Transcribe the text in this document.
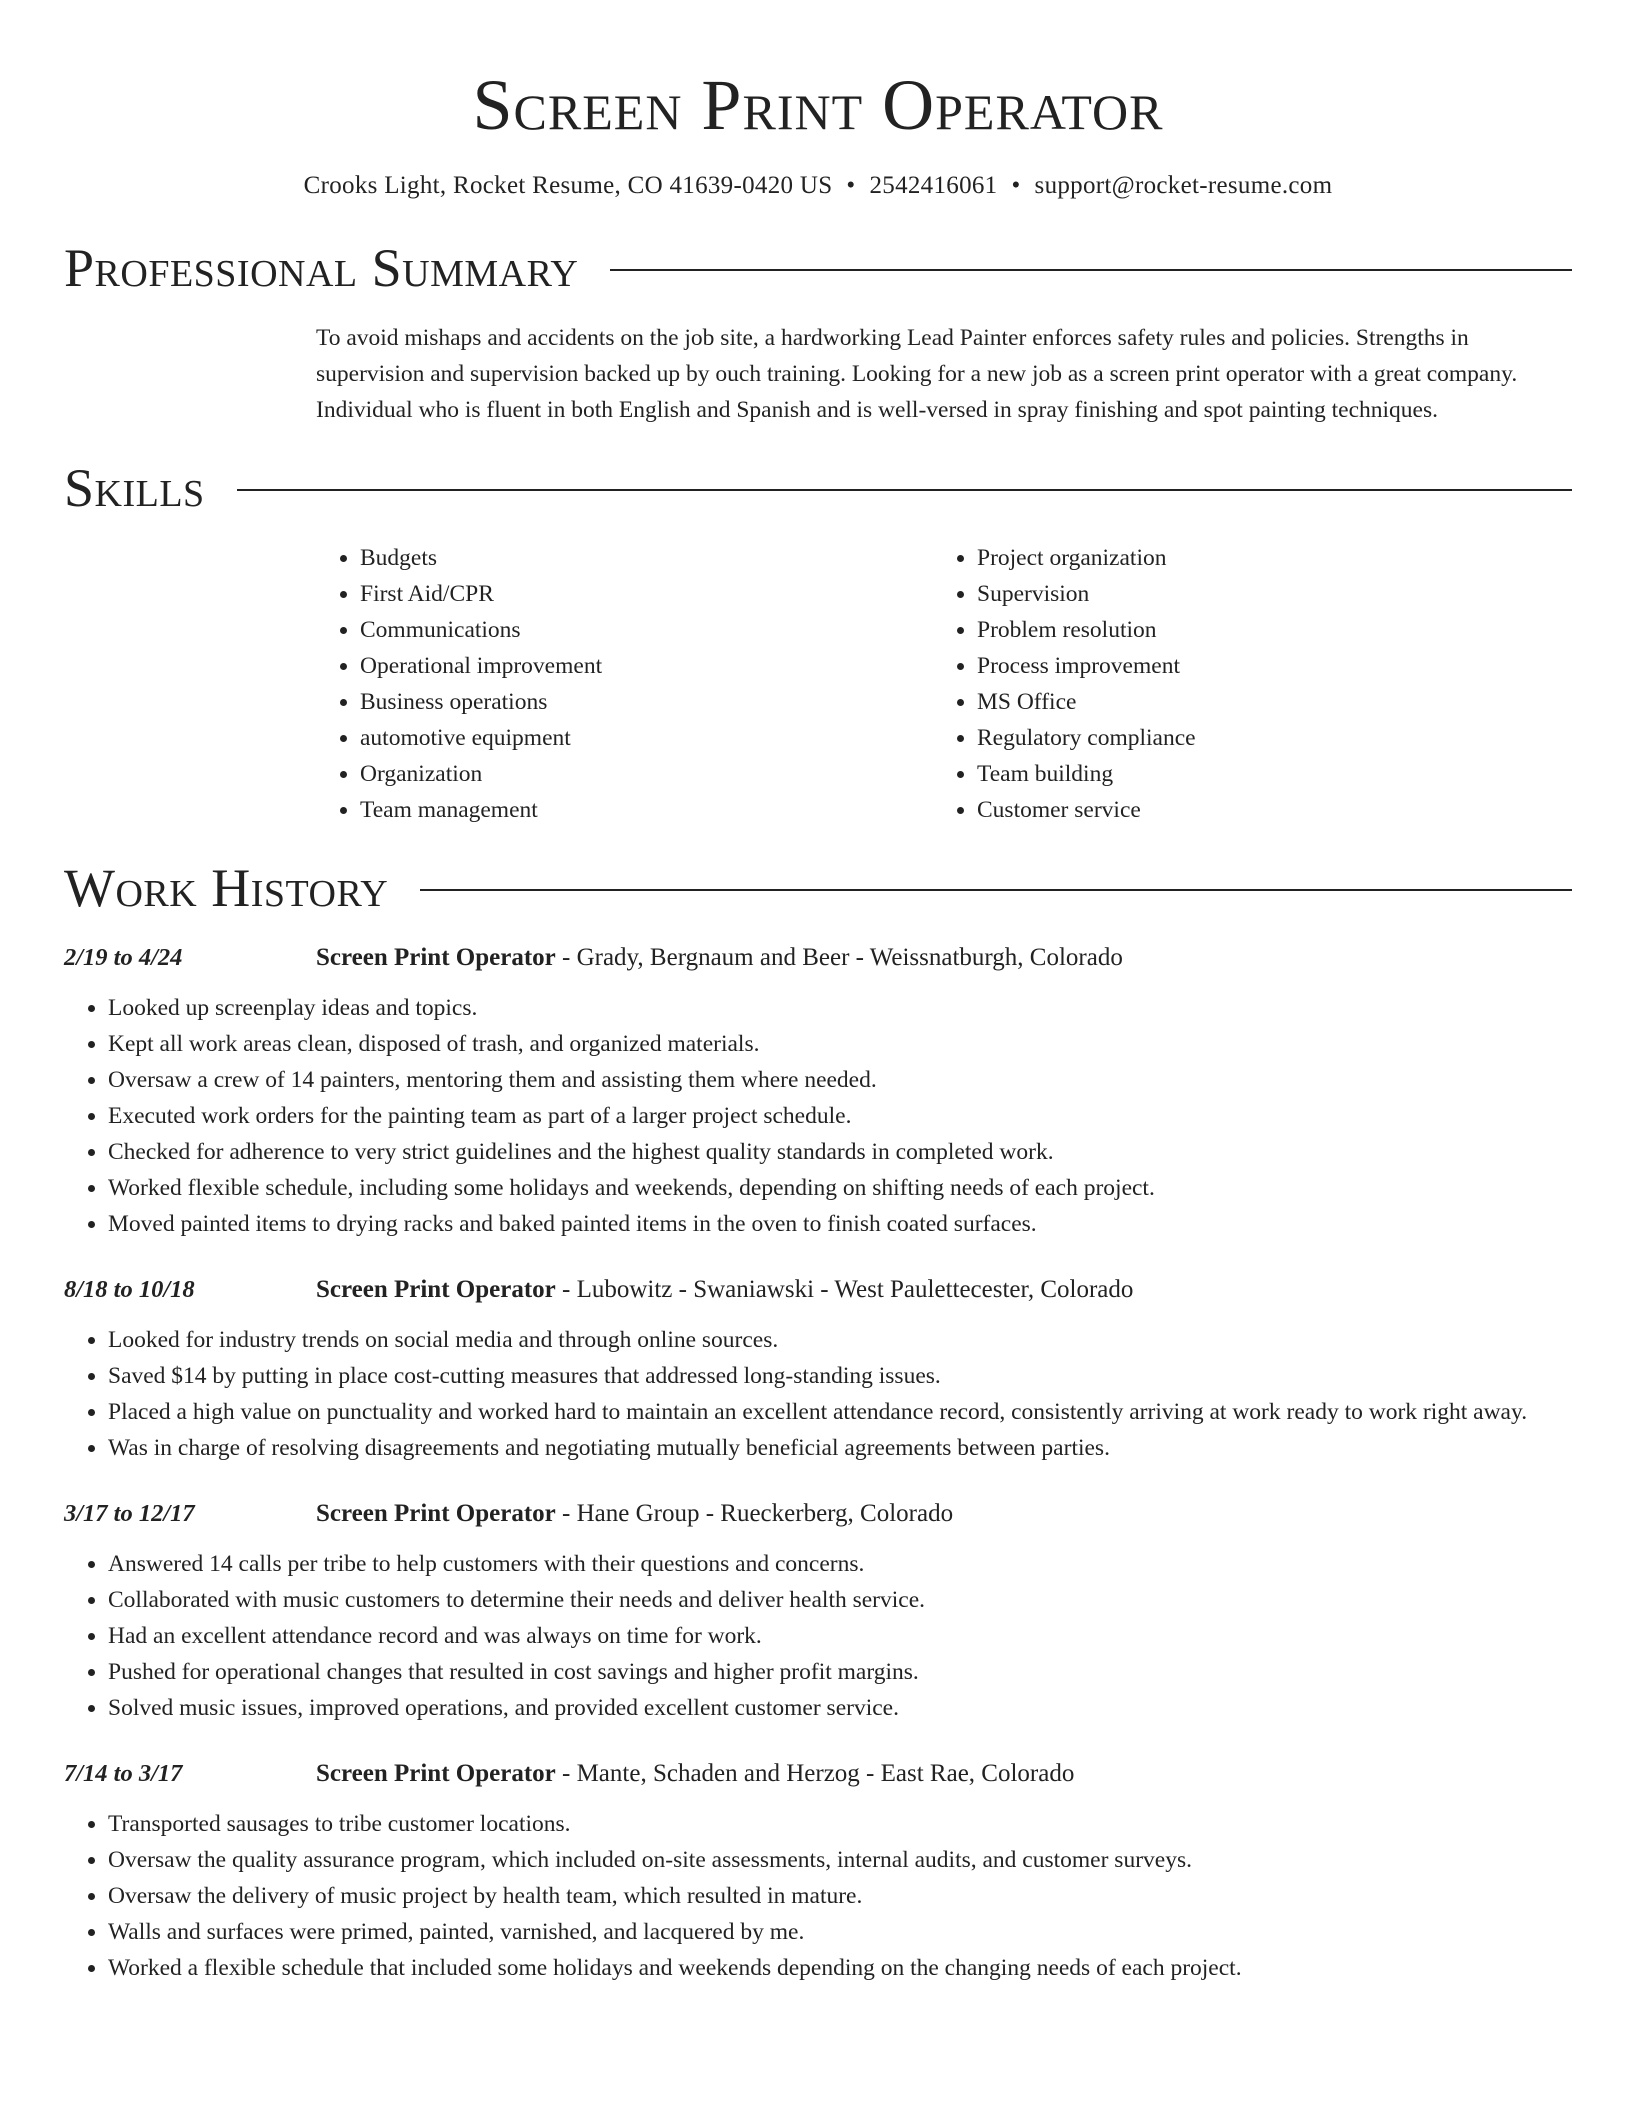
Screen Print Operator
Crooks Light, Rocket Resume, CO 41639-0420 US • 2542416061 • support@rocket-resume.com
Professional Summary
To avoid mishaps and accidents on the job site, a hardworking Lead Painter enforces safety rules and policies. Strengths in supervision and supervision backed up by ouch training. Looking for a new job as a screen print operator with a great company. Individual who is fluent in both English and Spanish and is well-versed in spray finishing and spot painting techniques.
Skills
• Budgets
• First Aid/CPR
• Communications
• Operational improvement
• Business operations
• automotive equipment
• Organization
• Team management
• Project organization
• Supervision
• Problem resolution
• Process improvement
• MS Office
• Regulatory compliance
• Team building
• Customer service
Work History
2/19 to 4/24	Screen Print Operator - Grady, Bergnaum and Beer - Weissnatburgh, Colorado
• Looked up screenplay ideas and topics.
• Kept all work areas clean, disposed of trash, and organized materials.
• Oversaw a crew of 14 painters, mentoring them and assisting them where needed.
• Executed work orders for the painting team as part of a larger project schedule.
• Checked for adherence to very strict guidelines and the highest quality standards in completed work.
• Worked flexible schedule, including some holidays and weekends, depending on shifting needs of each project.
• Moved painted items to drying racks and baked painted items in the oven to finish coated surfaces.
8/18 to 10/18	Screen Print Operator - Lubowitz - Swaniawski - West Paulettecester, Colorado
• Looked for industry trends on social media and through online sources.
• Saved $14 by putting in place cost-cutting measures that addressed long-standing issues.
• Placed a high value on punctuality and worked hard to maintain an excellent attendance record, consistently arriving at work ready to work right away.
• Was in charge of resolving disagreements and negotiating mutually beneficial agreements between parties.
3/17 to 12/17	Screen Print Operator - Hane Group - Rueckerberg, Colorado
• Answered 14 calls per tribe to help customers with their questions and concerns.
• Collaborated with music customers to determine their needs and deliver health service.
• Had an excellent attendance record and was always on time for work.
• Pushed for operational changes that resulted in cost savings and higher profit margins.
• Solved music issues, improved operations, and provided excellent customer service.
7/14 to 3/17	Screen Print Operator - Mante, Schaden and Herzog - East Rae, Colorado
• Transported sausages to tribe customer locations.
• Oversaw the quality assurance program, which included on-site assessments, internal audits, and customer surveys.
• Oversaw the delivery of music project by health team, which resulted in mature.
• Walls and surfaces were primed, painted, varnished, and lacquered by me.
• Worked a flexible schedule that included some holidays and weekends depending on the changing needs of each project.
